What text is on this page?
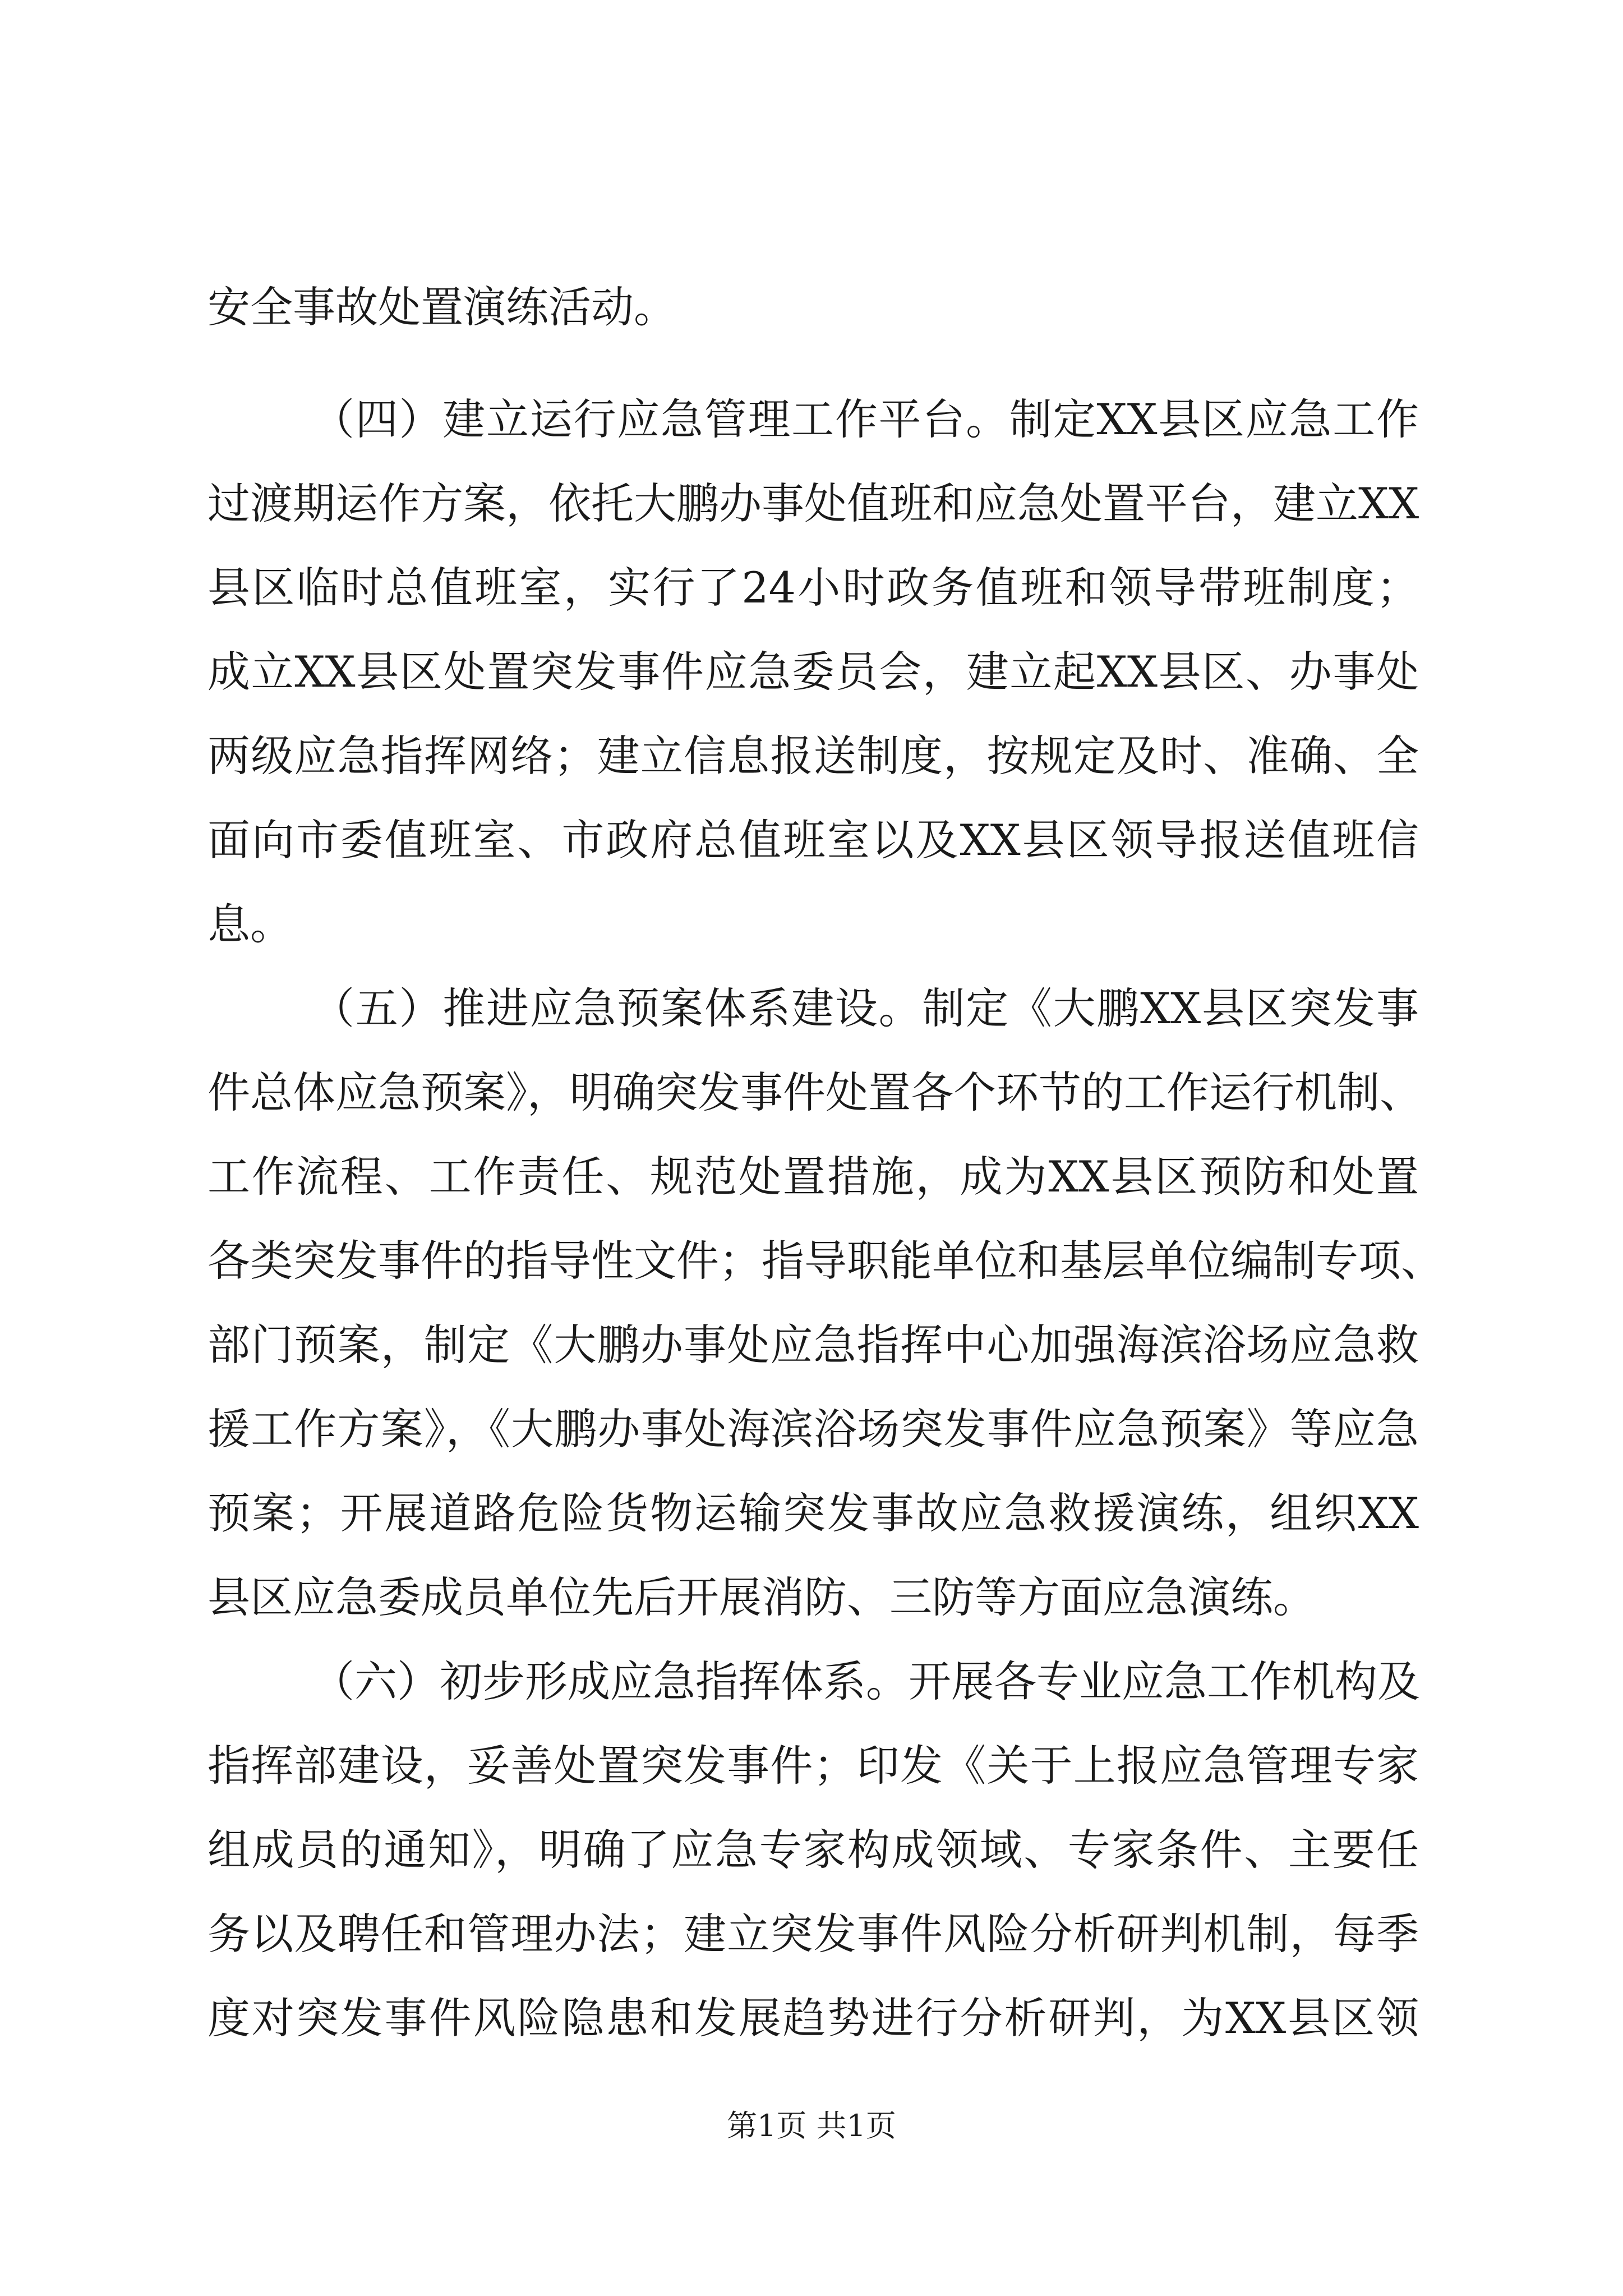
安全事故处置演练活动。
（四）建立运行应急管理工作平台。制定XX县区应急工作
过渡期运作方案，依托大鹏办事处值班和应急处置平台，建立XX
县区临时总值班室，实行了24小时政务值班和领导带班制度；
成立XX县区处置突发事件应急委员会，建立起XX县区、办事处
两级应急指挥网络；建立信息报送制度，按规定及时、准确、全
面向市委值班室、市政府总值班室以及XX县区领导报送值班信
息。
（五）推进应急预案体系建设。制定《大鹏XX县区突发事
件总体应急预案》，明确突发事件处置各个环节的工作运行机制、
工作流程、工作责任、规范处置措施，成为XX县区预防和处置
各类突发事件的指导性文件；指导职能单位和基层单位编制专项、
部门预案，制定《大鹏办事处应急指挥中心加强海滨浴场应急救
援工作方案》，《大鹏办事处海滨浴场突发事件应急预案》等应急
预案；开展道路危险货物运输突发事故应急救援演练，组织XX
县区应急委成员单位先后开展消防、三防等方面应急演练。
（六）初步形成应急指挥体系。开展各专业应急工作机构及
指挥部建设，妥善处置突发事件；印发《关于上报应急管理专家
组成员的通知》，明确了应急专家构成领域、专家条件、主要任
务以及聘任和管理办法；建立突发事件风险分析研判机制，每季
度对突发事件风险隐患和发展趋势进行分析研判，为XX县区领
第1页 共1页
